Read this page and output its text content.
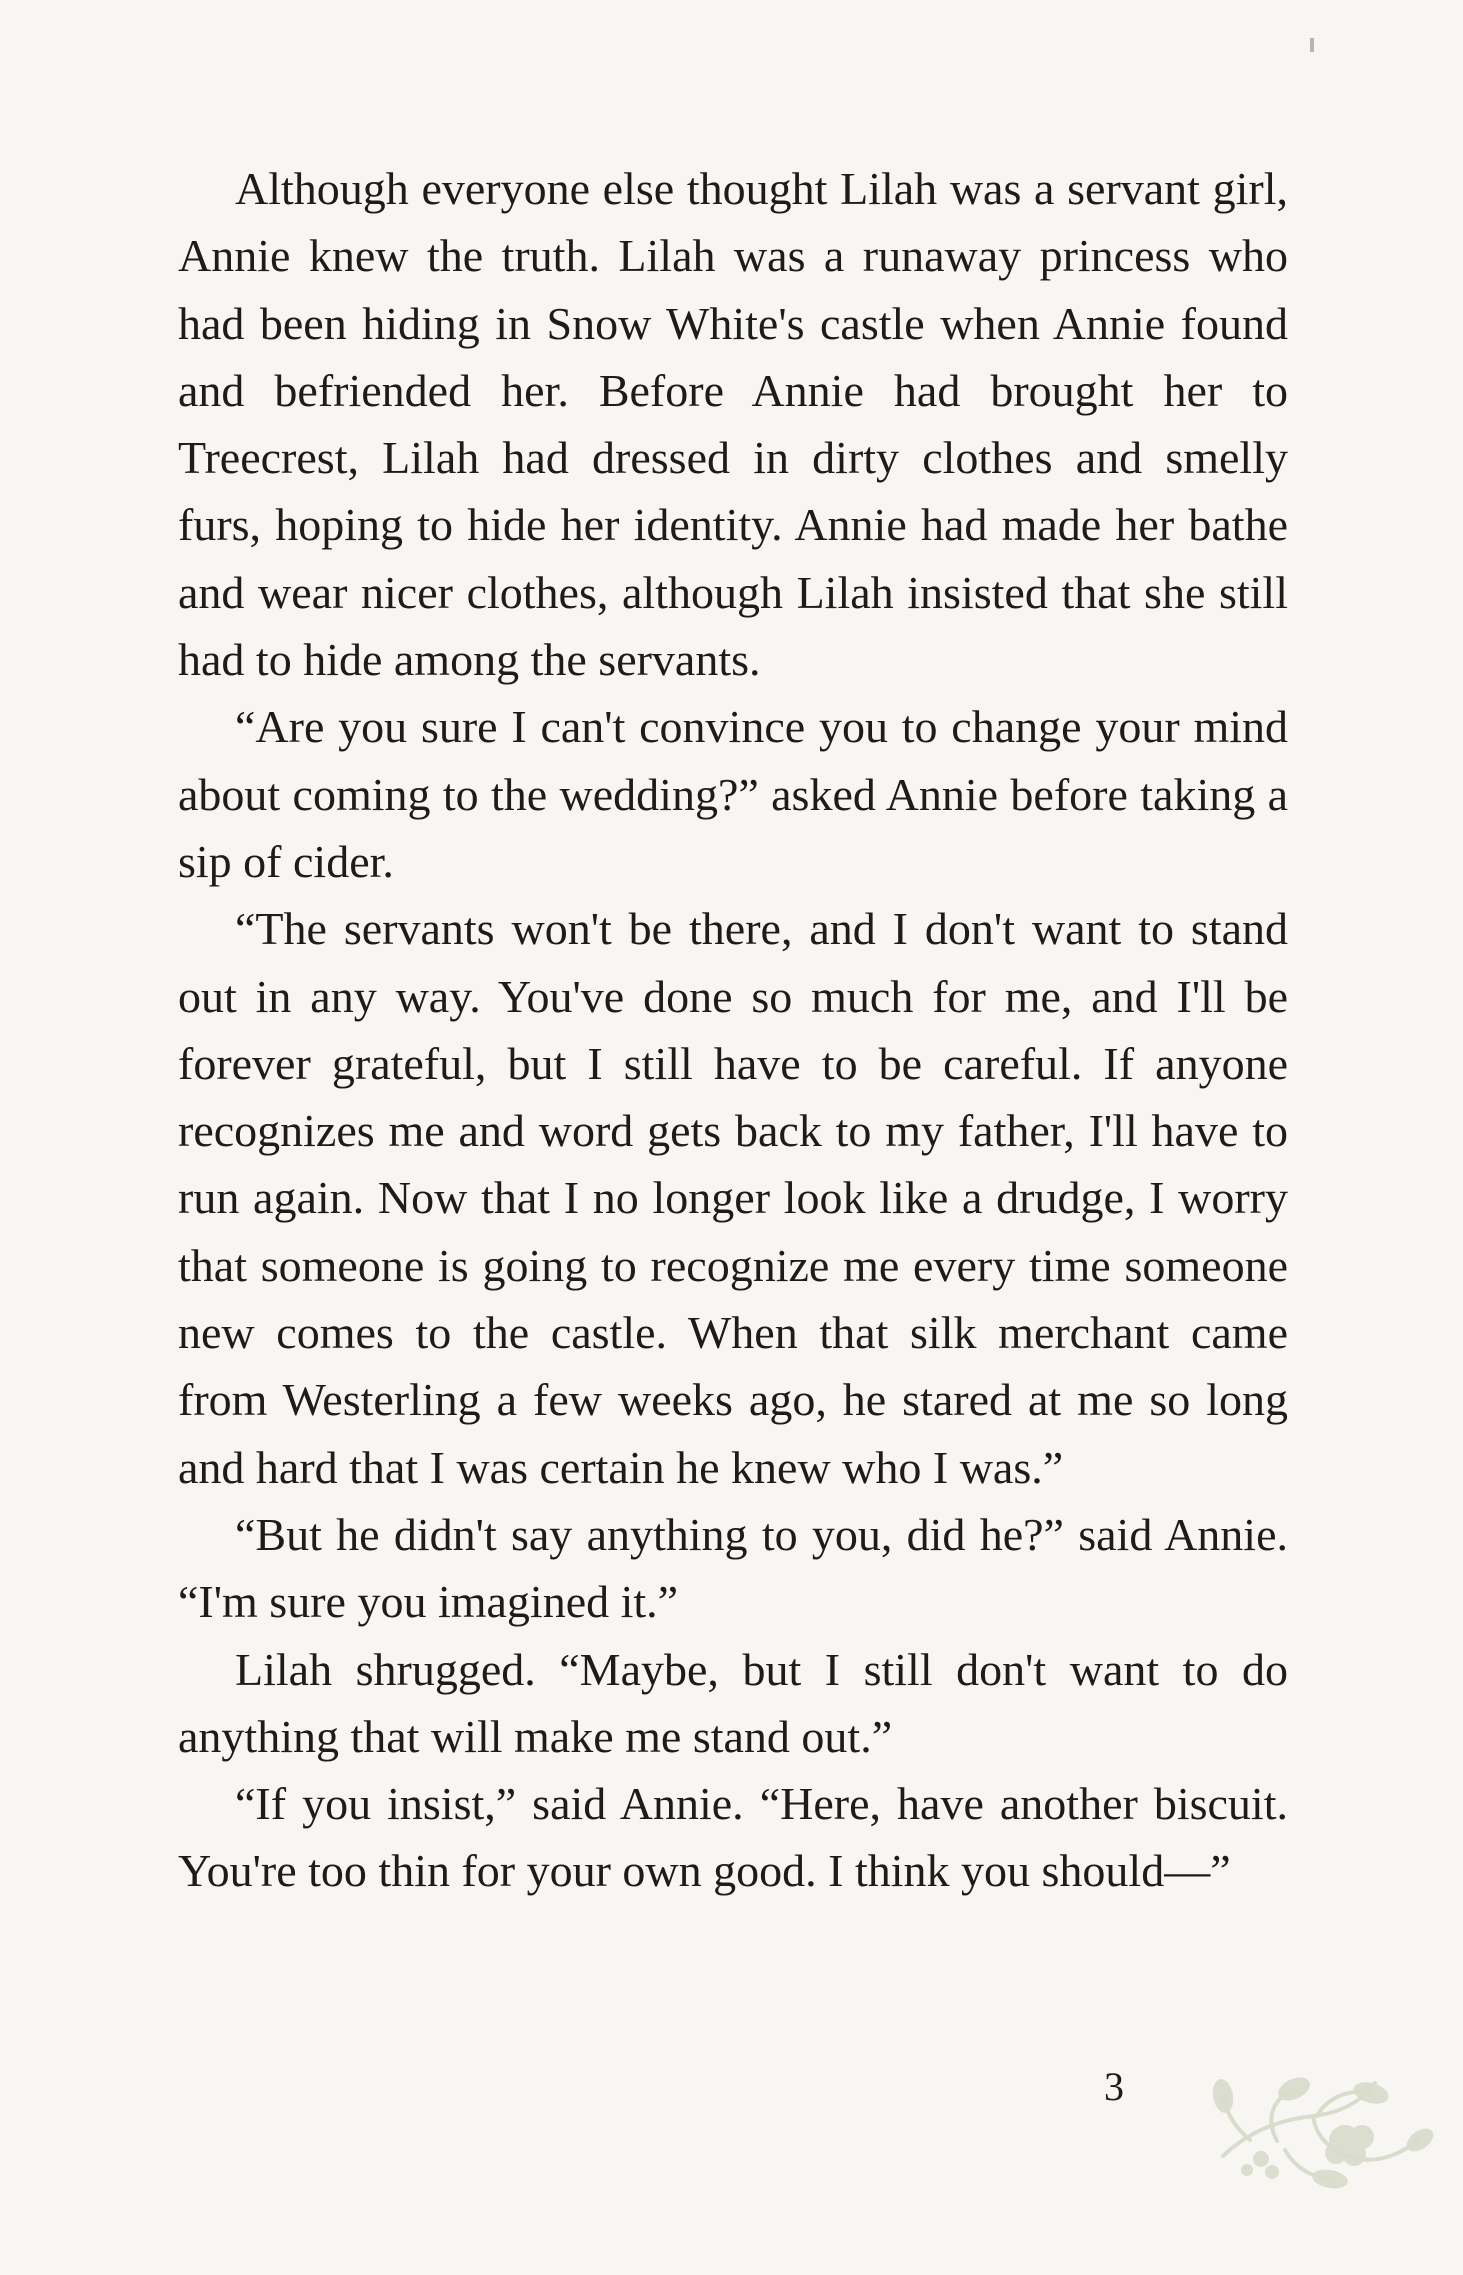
Although everyone else thought Lilah was a servant girl, Annie knew the truth. Lilah was a runaway princess who had been hiding in Snow White's castle when Annie found and befriended her. Before Annie had brought her to Treecrest, Lilah had dressed in dirty clothes and smelly furs, hoping to hide her identity. Annie had made her bathe and wear nicer clothes, although Lilah insisted that she still had to hide among the servants.

“Are you sure I can't convince you to change your mind about coming to the wedding?” asked Annie before taking a sip of cider.

“The servants won't be there, and I don't want to stand out in any way. You've done so much for me, and I'll be forever grateful, but I still have to be careful. If anyone recognizes me and word gets back to my father, I'll have to run again. Now that I no longer look like a drudge, I worry that someone is going to recognize me every time someone new comes to the castle. When that silk merchant came from Westerling a few weeks ago, he stared at me so long and hard that I was certain he knew who I was.”

“But he didn't say anything to you, did he?” said Annie. “I'm sure you imagined it.”

Lilah shrugged. “Maybe, but I still don't want to do anything that will make me stand out.”

“If you insist,” said Annie. “Here, have another biscuit. You're too thin for your own good. I think you should—”

3
